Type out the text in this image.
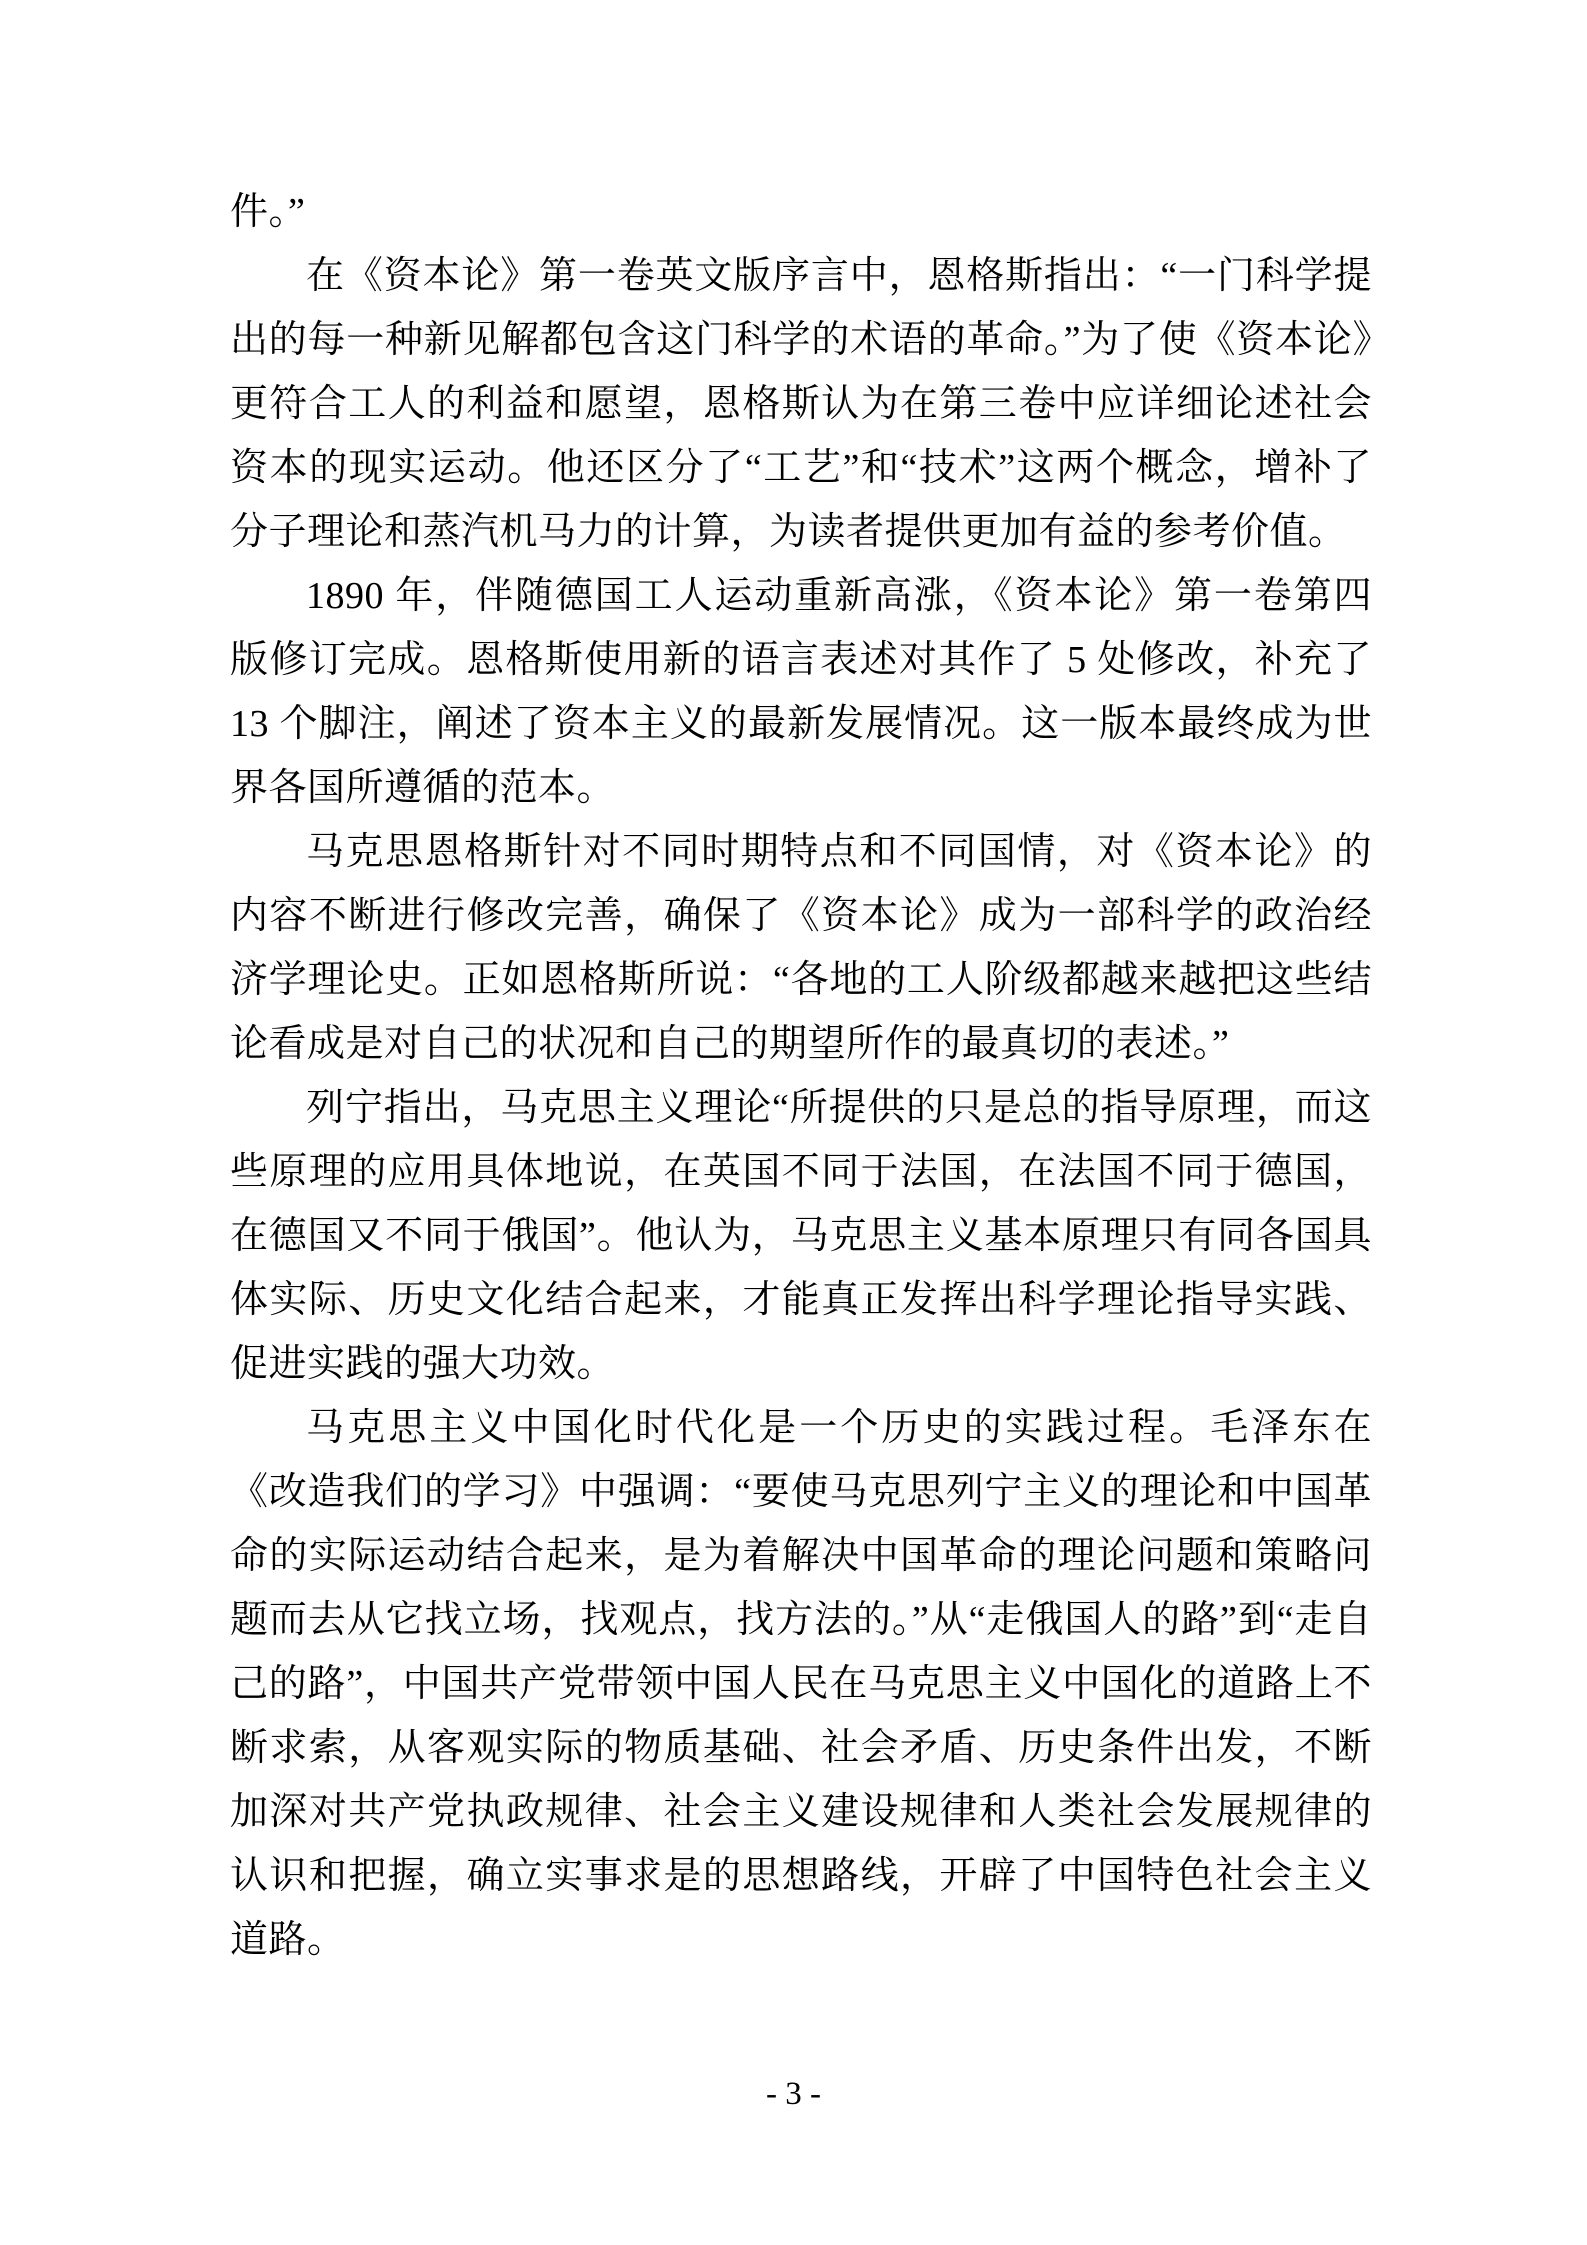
件。”

在《资本论》第一卷英文版序言中，恩格斯指出：“一门科学提出的每一种新见解都包含这门科学的术语的革命。”为了使《资本论》更符合工人的利益和愿望，恩格斯认为在第三卷中应详细论述社会资本的现实运动。他还区分了“工艺”和“技术”这两个概念，增补了分子理论和蒸汽机马力的计算，为读者提供更加有益的参考价值。

1890 年，伴随德国工人运动重新高涨，《资本论》第一卷第四版修订完成。恩格斯使用新的语言表述对其作了 5 处修改，补充了 13 个脚注，阐述了资本主义的最新发展情况。这一版本最终成为世界各国所遵循的范本。

马克思恩格斯针对不同时期特点和不同国情，对《资本论》的内容不断进行修改完善，确保了《资本论》成为一部科学的政治经济学理论史。正如恩格斯所说：“各地的工人阶级都越来越把这些结论看成是对自己的状况和自己的期望所作的最真切的表述。”

列宁指出，马克思主义理论“所提供的只是总的指导原理，而这些原理的应用具体地说，在英国不同于法国，在法国不同于德国，在德国又不同于俄国”。他认为，马克思主义基本原理只有同各国具体实际、历史文化结合起来，才能真正发挥出科学理论指导实践、促进实践的强大功效。

马克思主义中国化时代化是一个历史的实践过程。毛泽东在《改造我们的学习》中强调：“要使马克思列宁主义的理论和中国革命的实际运动结合起来，是为着解决中国革命的理论问题和策略问题而去从它找立场，找观点，找方法的。”从“走俄国人的路”到“走自己的路”，中国共产党带领中国人民在马克思主义中国化的道路上不断求索，从客观实际的物质基础、社会矛盾、历史条件出发，不断加深对共产党执政规律、社会主义建设规律和人类社会发展规律的认识和把握，确立实事求是的思想路线，开辟了中国特色社会主义道路。

- 3 -
